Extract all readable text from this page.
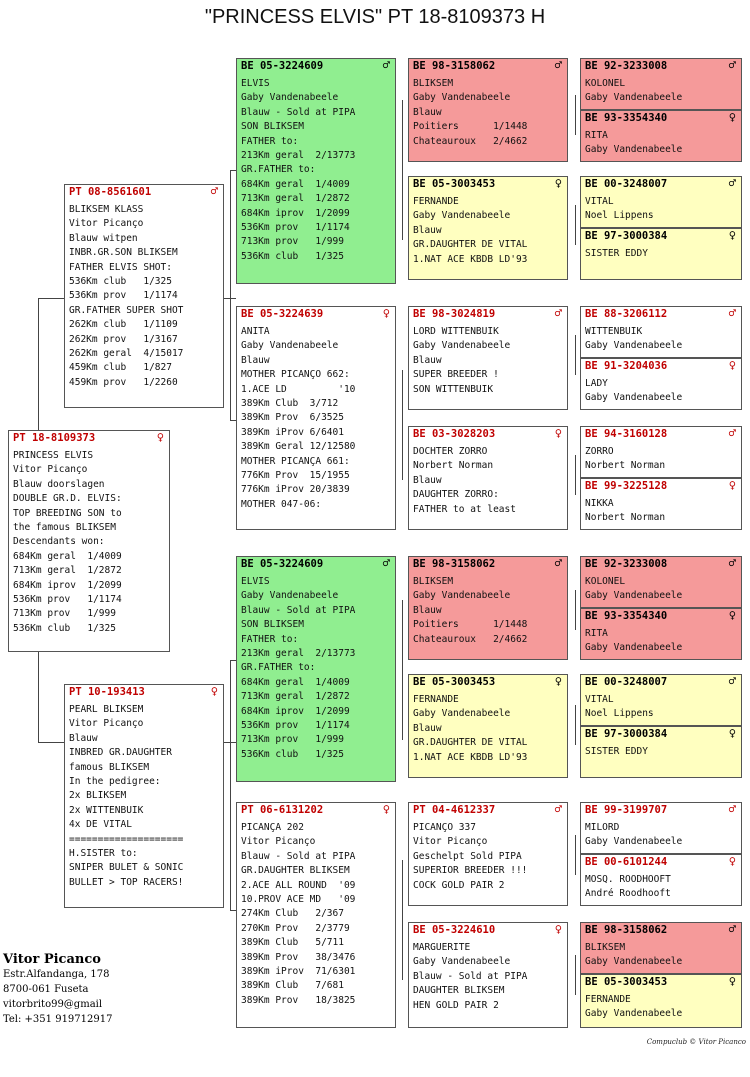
"PRINCESS ELVIS" PT 18-8109373 H
PT 18-8109373	♀
PRINCESS ELVIS
Vitor Picanço
Blauw doorslagen
DOUBLE GR.D. ELVIS:
TOP BREEDING SON to
the famous BLIKSEM
Descendants won:
684Km geral  1/4009
713Km geral  1/2872
684Km iprov  1/2099
536Km prov   1/1174
713Km prov   1/999
536Km club   1/325
PT 08-8561601	♂
BLIKSEM KLASS
Vitor Picanço
Blauw witpen
INBR.GR.SON BLIKSEM
FATHER ELVIS SHOT:
536Km club   1/325
536Km prov   1/1174
GR.FATHER SUPER SHOT
262Km club   1/1109
262Km prov   1/3167
262Km geral  4/15017
459Km club   1/827
459Km prov   1/2260
PT 10-193413	♀
PEARL BLIKSEM
Vitor Picanço
Blauw
INBRED GR.DAUGHTER
famous BLIKSEM
In the pedigree:
2x BLIKSEM
2x WITTENBUIK
4x DE VITAL
====================
H.SISTER to:
SNIPER BULET & SONIC
BULLET > TOP RACERS!
BE 05-3224609	♂
ELVIS
Gaby Vandenabeele
Blauw - Sold at PIPA
SON BLIKSEM
FATHER to:
213Km geral  2/13773
GR.FATHER to:
684Km geral  1/4009
713Km geral  1/2872
684Km iprov  1/2099
536Km prov   1/1174
713Km prov   1/999
536Km club   1/325
BE 05-3224639	♀
ANITA
Gaby Vandenabeele
Blauw
MOTHER PICANÇO 662:
1.ACE LD         '10
389Km Club  3/712
389Km Prov  6/3525
389Km iProv 6/6401
389Km Geral 12/12580
MOTHER PICANÇA 661:
776Km Prov  15/1955
776Km iProv 20/3839
MOTHER 047-06:
BE 05-3224609	♂
ELVIS
Gaby Vandenabeele
Blauw - Sold at PIPA
SON BLIKSEM
FATHER to:
213Km geral  2/13773
GR.FATHER to:
684Km geral  1/4009
713Km geral  1/2872
684Km iprov  1/2099
536Km prov   1/1174
713Km prov   1/999
536Km club   1/325
PT 06-6131202	♀
PICANÇA 202
Vitor Picanço
Blauw - Sold at PIPA
GR.DAUGHTER BLIKSEM
2.ACE ALL ROUND  '09
10.PROV ACE MD   '09
274Km Club   2/367
270Km Prov   2/3779
389Km Club   5/711
389Km Prov   38/3476
389Km iProv  71/6301
389Km Club   7/681
389Km Prov   18/3825
BE 98-3158062	♂
BLIKSEM
Gaby Vandenabeele
Blauw
Poitiers      1/1448
Chateauroux   2/4662
BE 05-3003453	♀
FERNANDE
Gaby Vandenabeele
Blauw
GR.DAUGHTER DE VITAL
1.NAT ACE KBDB LD'93
BE 98-3024819	♂
LORD WITTENBUIK
Gaby Vandenabeele
Blauw
SUPER BREEDER !
SON WITTENBUIK
BE 03-3028203	♀
DOCHTER ZORRO
Norbert Norman
Blauw
DAUGHTER ZORRO:
FATHER to at least
BE 98-3158062	♂
BLIKSEM
Gaby Vandenabeele
Blauw
Poitiers      1/1448
Chateauroux   2/4662
BE 05-3003453	♀
FERNANDE
Gaby Vandenabeele
Blauw
GR.DAUGHTER DE VITAL
1.NAT ACE KBDB LD'93
PT 04-4612337	♂
PICANÇO 337
Vitor Picanço
Geschelpt Sold PIPA
SUPERIOR BREEDER !!!
COCK GOLD PAIR 2
BE 05-3224610	♀
MARGUERITE
Gaby Vandenabeele
Blauw - Sold at PIPA
DAUGHTER BLIKSEM
HEN GOLD PAIR 2
BE 92-3233008	♂
KOLONEL
Gaby Vandenabeele
BE 93-3354340	♀
RITA
Gaby Vandenabeele
BE 00-3248007	♂
VITAL
Noel Lippens
BE 97-3000384	♀
SISTER EDDY
BE 88-3206112	♂
WITTENBUIK
Gaby Vandenabeele
BE 91-3204036	♀
LADY
Gaby Vandenabeele
BE 94-3160128	♂
ZORRO
Norbert Norman
BE 99-3225128	♀
NIKKA
Norbert Norman
BE 92-3233008	♂
KOLONEL
Gaby Vandenabeele
BE 93-3354340	♀
RITA
Gaby Vandenabeele
BE 00-3248007	♂
VITAL
Noel Lippens
BE 97-3000384	♀
SISTER EDDY
BE 99-3199707	♂
MILORD
Gaby Vandenabeele
BE 00-6101244	♀
MOSQ. ROODHOOFT
André Roodhooft
BE 98-3158062	♂
BLIKSEM
Gaby Vandenabeele
BE 05-3003453	♀
FERNANDE
Gaby Vandenabeele
Vitor Picanco
Estr.Alfandanga, 178
8700-061 Fuseta
vitorbrito99@gmail
Tel: +351 919712917
Compuclub © Vitor Picanco
